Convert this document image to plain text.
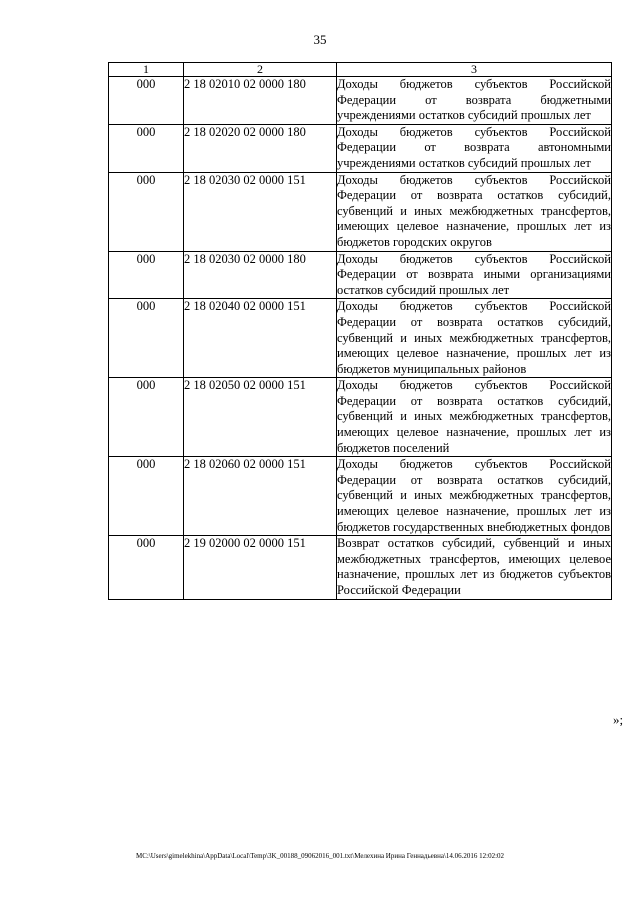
35
1	2	3
000	2 18 02010 02 0000 180	Доходы бюджетов субъектов Российской Федерации от возврата бюджетными учреждениями остатков субсидий прошлых лет
000	2 18 02020 02 0000 180	Доходы бюджетов субъектов Российской Федерации от возврата автономными учреждениями остатков субсидий прошлых лет
000	2 18 02030 02 0000 151	Доходы бюджетов субъектов Российской Федерации от возврата остатков субсидий, субвенций и иных межбюджетных трансфертов, имеющих целевое назначение, прошлых лет из бюджетов городских округов
000	2 18 02030 02 0000 180	Доходы бюджетов субъектов Российской Федерации от возврата иными организациями остатков субсидий прошлых лет
000	2 18 02040 02 0000 151	Доходы бюджетов субъектов Российской Федерации от возврата остатков субсидий, субвенций и иных межбюджетных трансфертов, имеющих целевое назначение, прошлых лет из бюджетов муниципальных районов
000	2 18 02050 02 0000 151	Доходы бюджетов субъектов Российской Федерации от возврата остатков субсидий, субвенций и иных межбюджетных трансфертов, имеющих целевое назначение, прошлых лет из бюджетов поселений
000	2 18 02060 02 0000 151	Доходы бюджетов субъектов Российской Федерации от возврата остатков субсидий, субвенций и иных межбюджетных трансфертов, имеющих целевое назначение, прошлых лет из бюджетов государственных внебюджетных фондов
000	2 19 02000 02 0000 151	Возврат остатков субсидий, субвенций и иных межбюджетных трансфертов, имеющих целевое назначение, прошлых лет из бюджетов субъектов Российской Федерации
»;
МС:\Users\gimelekhina\AppData\Local\Temp\3K_00188_09062016_001.txt\Мелехина Ирина Геннадьевна\14.06.2016 12:02:02
